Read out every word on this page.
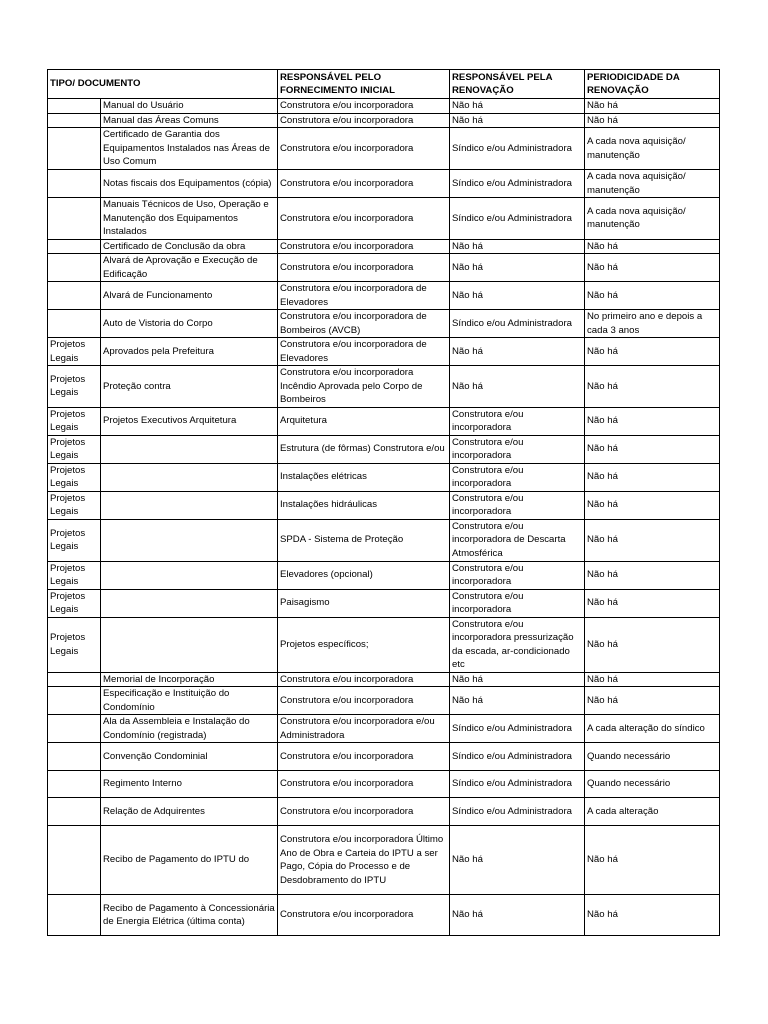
TIPO/ DOCUMENTO		RESPONSÁVEL PELO FORNECIMENTO INICIAL	RESPONSÁVEL PELA RENOVAÇÃO	PERIODICIDADE DA RENOVAÇÃO
	Manual do Usuário	Construtora e/ou incorporadora	Não há	Não há
	Manual das Áreas Comuns	Construtora e/ou incorporadora	Não há	Não há
	Certificado de Garantia dos Equipamentos Instalados nas Áreas de Uso Comum	Construtora e/ou incorporadora	Síndico e/ou Administradora	A cada nova aquisição/ manutenção
	Notas fiscais dos Equipamentos (cópia)	Construtora e/ou incorporadora	Síndico e/ou Administradora	A cada nova aquisição/ manutenção
	Manuais Técnicos de Uso, Operação e Manutenção dos Equipamentos Instalados	Construtora e/ou incorporadora	Síndico e/ou Administradora	A cada nova aquisição/ manutenção
	Certificado de Conclusão da obra	Construtora e/ou incorporadora	Não há	Não há
	Alvará de Aprovação e Execução de Edificação	Construtora e/ou incorporadora	Não há	Não há
	Alvará de Funcionamento	Construtora e/ou incorporadora de Elevadores	Não há	Não há
	Auto de Vistoria do Corpo	Construtora e/ou incorporadora de Bombeiros (AVCB)	Síndico e/ou Administradora	No primeiro ano e depois a cada 3 anos
Projetos Legais	Aprovados pela Prefeitura	Construtora e/ou incorporadora de Elevadores	Não há	Não há
Projetos Legais	Proteção contra	Construtora e/ou incorporadora Incêndio Aprovada pelo Corpo de Bombeiros	Não há	Não há
Projetos Legais	Projetos Executivos Arquitetura	Arquitetura	Construtora e/ou incorporadora	Não há
Projetos Legais		Estrutura (de fôrmas) Construtora e/ou	Construtora e/ou incorporadora	Não há
Projetos Legais		Instalações elétricas	Construtora e/ou incorporadora	Não há
Projetos Legais		Instalações hidráulicas	Construtora e/ou incorporadora	Não há
Projetos Legais		SPDA - Sistema de Proteção	Construtora e/ou incorporadora de Descarta Atmosférica	Não há
Projetos Legais		Elevadores (opcional)	Construtora e/ou incorporadora	Não há
Projetos Legais		Paisagismo	Construtora e/ou incorporadora	Não há
Projetos Legais		Projetos específicos;	Construtora e/ou incorporadora pressurização da escada, ar-condicionado etc	Não há
	Memorial de Incorporação	Construtora e/ou incorporadora	Não há	Não há
	Especificação e Instituição do Condomínio	Construtora e/ou incorporadora	Não há	Não há
	Ala da Assembleia e Instalação do Condomínio (registrada)	Construtora e/ou incorporadora e/ou Administradora	Síndico e/ou Administradora	A cada alteração do síndico
	Convenção Condominial	Construtora e/ou incorporadora	Síndico e/ou Administradora	Quando necessário
	Regimento Interno	Construtora e/ou incorporadora	Síndico e/ou Administradora	Quando necessário
	Relação de Adquirentes	Construtora e/ou incorporadora	Síndico e/ou Administradora	A cada alteração
	Recibo de Pagamento do IPTU do	Construtora e/ou incorporadora Último Ano de Obra e Carteia do IPTU a ser Pago, Cópia do Processo e de Desdobramento do IPTU	Não há	Não há
	Recibo de Pagamento à Concessionária de Energia Elétrica (última conta)	Construtora e/ou incorporadora	Não há	Não há
